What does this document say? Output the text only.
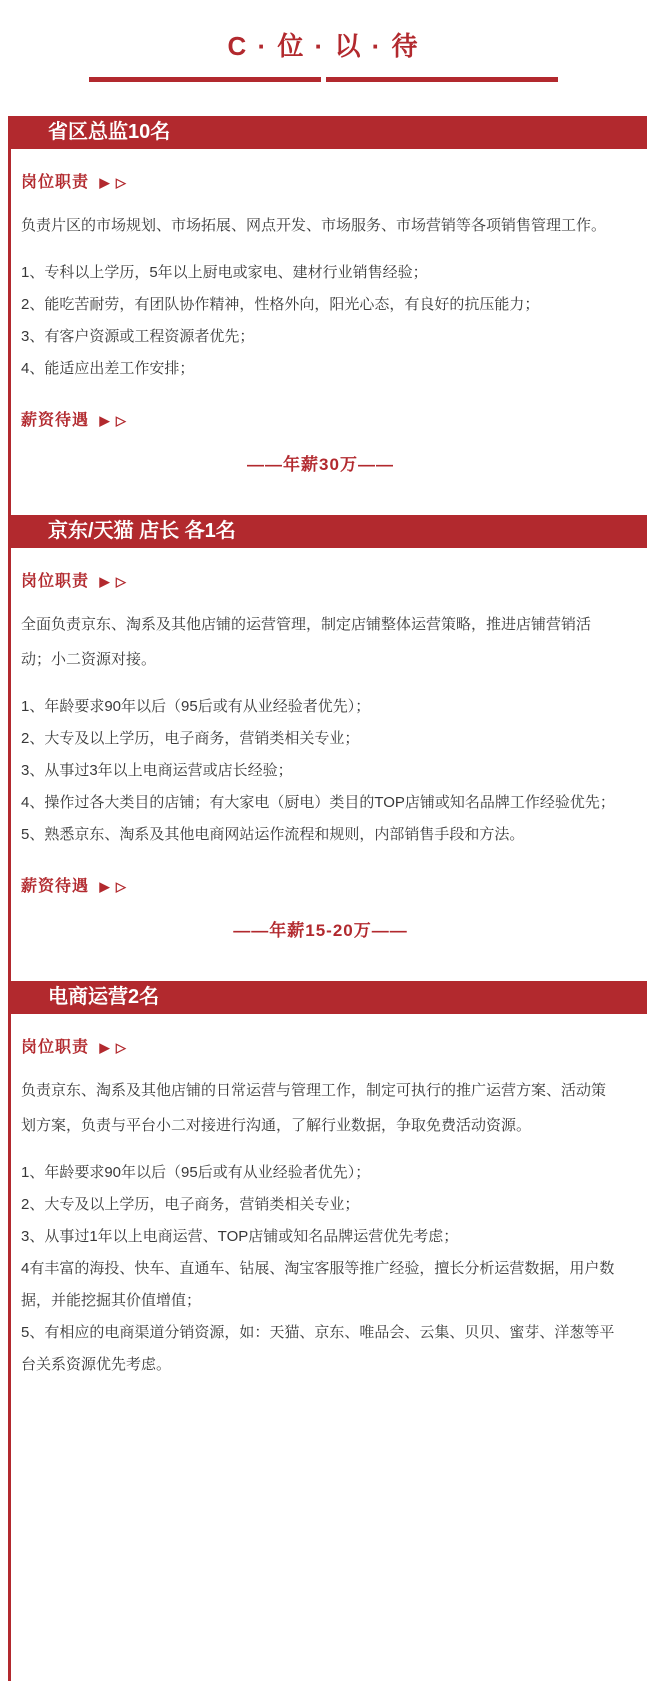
C · 位 · 以 · 待
省区总监10名
岗位职责 ▶ ▷

负责片区的市场规划、市场拓展、网点开发、市场服务、市场营销等各项销售管理工作。

1、专科以上学历，5年以上厨电或家电、建材行业销售经验；
2、能吃苦耐劳，有团队协作精神，性格外向，阳光心态，有良好的抗压能力；
3、有客户资源或工程资源者优先；
4、能适应出差工作安排；
薪资待遇 ▶ ▷
——年薪30万——
京东/天猫 店长 各1名
岗位职责 ▶ ▷

全面负责京东、淘系及其他店铺的运营管理，制定店铺整体运营策略，推进店铺营销活动；小二资源对接。

1、年龄要求90年以后（95后或有从业经验者优先）；
2、大专及以上学历，电子商务，营销类相关专业；
3、从事过3年以上电商运营或店长经验；
4、操作过各大类目的店铺；有大家电（厨电）类目的TOP店铺或知名品牌工作经验优先；
5、熟悉京东、淘系及其他电商网站运作流程和规则，内部销售手段和方法。
薪资待遇 ▶ ▷
——年薪15-20万——
电商运营2名
岗位职责 ▶ ▷

负责京东、淘系及其他店铺的日常运营与管理工作，制定可执行的推广运营方案、活动策划方案，负责与平台小二对接进行沟通，了解行业数据，争取免费活动资源。

1、年龄要求90年以后（95后或有从业经验者优先）；
2、大专及以上学历，电子商务，营销类相关专业；
3、从事过1年以上电商运营、TOP店铺或知名品牌运营优先考虑；
4有丰富的海投、快车、直通车、钻展、淘宝客服等推广经验，擅长分析运营数据，用户数据，并能挖掘其价值增值；
5、有相应的电商渠道分销资源，如：天猫、京东、唯品会、云集、贝贝、蜜芽、洋葱等平台关系资源优先考虑。
